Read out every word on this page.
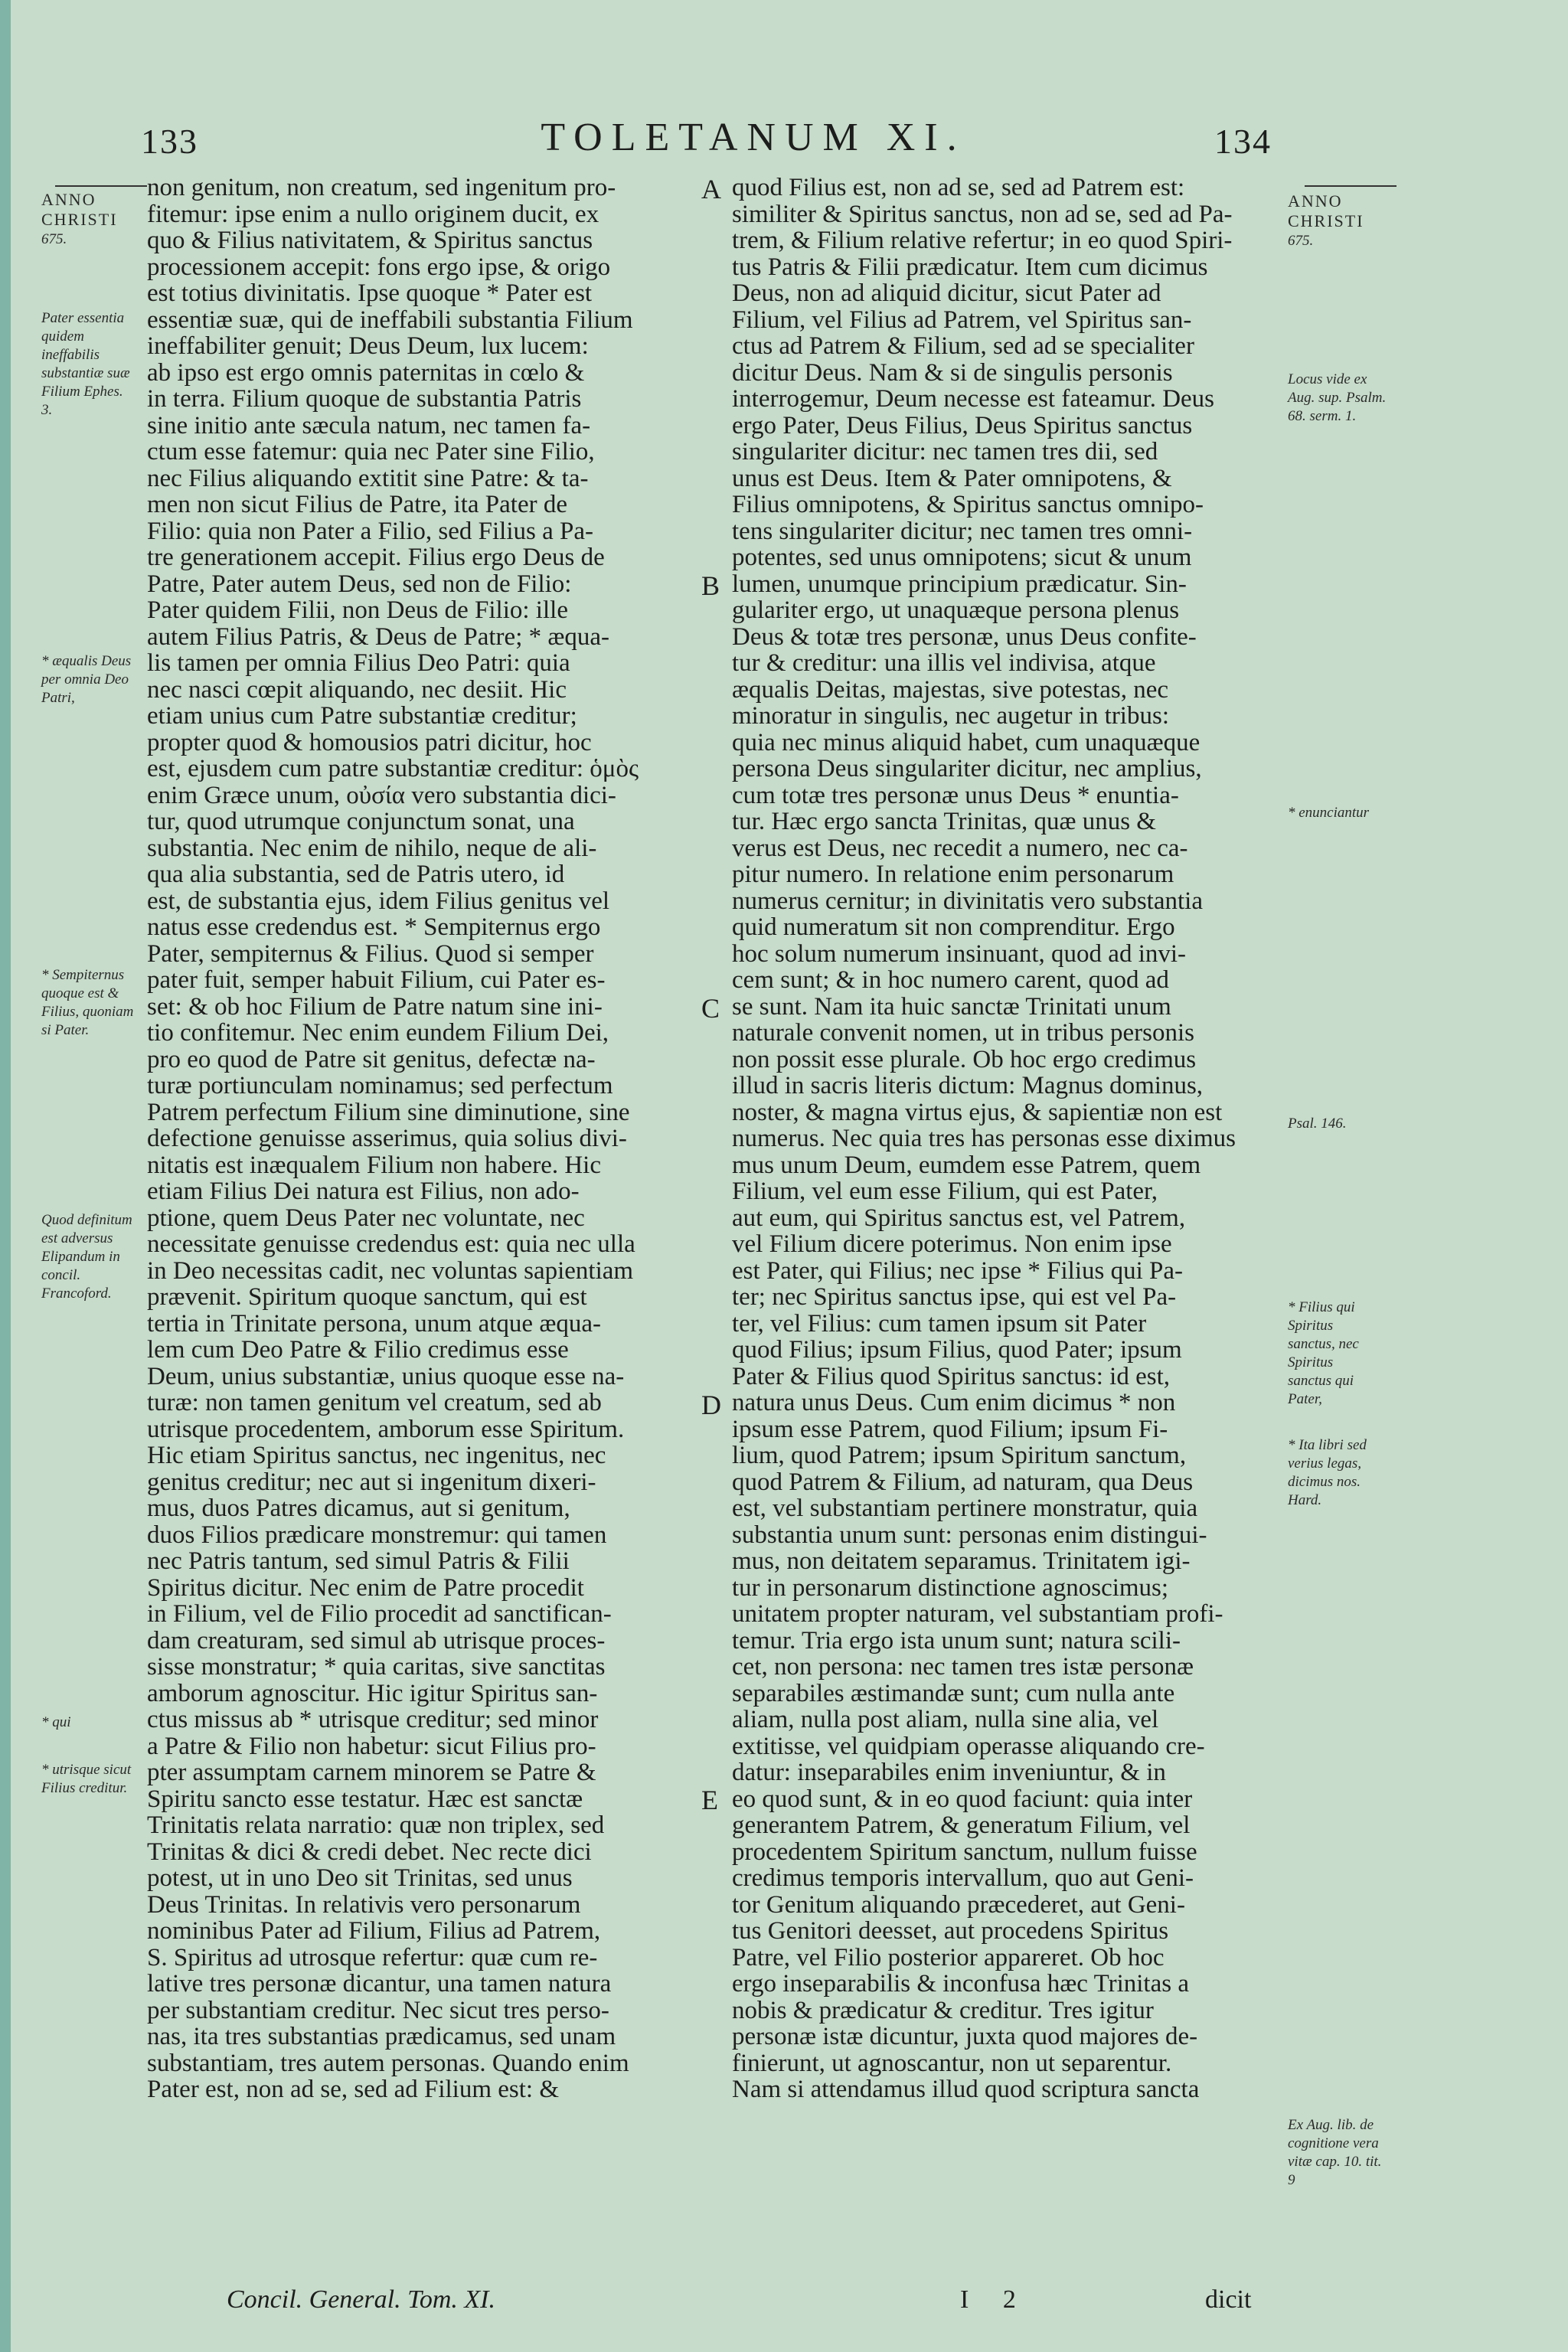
133	TOLETANUM XI.	134
ANNO
CHRISTI
675.
Pater essentia quidem ineffabilis substantiæ suæ Filium Ephes. 3.
* æqualis Deus per omnia Deo Patri,
* Sempiternus quoque est & Filius, quoniam si Pater.
Quod definitum est adversus Elipandum in concil. Francoford.
* qui
* utrisque sicut Filius creditur.
non genitum, non creatum, sed ingenitum pro-
fitemur: ipse enim a nullo originem ducit, ex
quo & Filius nativitatem, & Spiritus sanctus
processionem accepit: fons ergo ipse, & origo
est totius divinitatis. Ipse quoque * Pater est
essentiæ suæ, qui de ineffabili substantia Filium
ineffabiliter genuit; Deus Deum, lux lucem:
ab ipso est ergo omnis paternitas in cœlo &
in terra. Filium quoque de substantia Patris
sine initio ante sæcula natum, nec tamen fa-
ctum esse fatemur: quia nec Pater sine Filio,
nec Filius aliquando extitit sine Patre: & ta-
men non sicut Filius de Patre, ita Pater de
Filio: quia non Pater a Filio, sed Filius a Pa-
tre generationem accepit. Filius ergo Deus de
Patre, Pater autem Deus, sed non de Filio:
Pater quidem Filii, non Deus de Filio: ille
autem Filius Patris, & Deus de Patre; * æqua-
lis tamen per omnia Filius Deo Patri: quia
nec nasci cœpit aliquando, nec desiit. Hic
etiam unius cum Patre substantiæ creditur;
propter quod & homousios patri dicitur, hoc
est, ejusdem cum patre substantiæ creditur: ὁμὸς
enim Græce unum, οὐσία vero substantia dici-
tur, quod utrumque conjunctum sonat, una
substantia. Nec enim de nihilo, neque de ali-
qua alia substantia, sed de Patris utero, id
est, de substantia ejus, idem Filius genitus vel
natus esse credendus est. * Sempiternus ergo
Pater, sempiternus & Filius. Quod si semper
pater fuit, semper habuit Filium, cui Pater es-
set: & ob hoc Filium de Patre natum sine ini-
tio confitemur. Nec enim eundem Filium Dei,
pro eo quod de Patre sit genitus, defectæ na-
turæ portiunculam nominamus; sed perfectum
Patrem perfectum Filium sine diminutione, sine
defectione genuisse asserimus, quia solius divi-
nitatis est inæqualem Filium non habere. Hic
etiam Filius Dei natura est Filius, non ado-
ptione, quem Deus Pater nec voluntate, nec
necessitate genuisse credendus est: quia nec ulla
in Deo necessitas cadit, nec voluntas sapientiam
prævenit. Spiritum quoque sanctum, qui est
tertia in Trinitate persona, unum atque æqua-
lem cum Deo Patre & Filio credimus esse
Deum, unius substantiæ, unius quoque esse na-
turæ: non tamen genitum vel creatum, sed ab
utrisque procedentem, amborum esse Spiritum.
Hic etiam Spiritus sanctus, nec ingenitus, nec
genitus creditur; nec aut si ingenitum dixeri-
mus, duos Patres dicamus, aut si genitum,
duos Filios prædicare monstremur: qui tamen
nec Patris tantum, sed simul Patris & Filii
Spiritus dicitur. Nec enim de Patre procedit
in Filium, vel de Filio procedit ad sanctifican-
dam creaturam, sed simul ab utrisque proces-
sisse monstratur; * quia caritas, sive sanctitas
amborum agnoscitur. Hic igitur Spiritus san-
ctus missus ab * utrisque creditur; sed minor
a Patre & Filio non habetur: sicut Filius pro-
pter assumptam carnem minorem se Patre &
Spiritu sancto esse testatur. Hæc est sanctæ
Trinitatis relata narratio: quæ non triplex, sed
Trinitas & dici & credi debet. Nec recte dici
potest, ut in uno Deo sit Trinitas, sed unus
Deus Trinitas. In relativis vero personarum
nominibus Pater ad Filium, Filius ad Patrem,
S. Spiritus ad utrosque refertur: quæ cum re-
lative tres personæ dicantur, una tamen natura
per substantiam creditur. Nec sicut tres perso-
nas, ita tres substantias prædicamus, sed unam
substantiam, tres autem personas. Quando enim
Pater est, non ad se, sed ad Filium est: &
A
B
C
D
E
quod Filius est, non ad se, sed ad Patrem est:
similiter & Spiritus sanctus, non ad se, sed ad Pa-
trem, & Filium relative refertur; in eo quod Spiri-
tus Patris & Filii prædicatur. Item cum dicimus
Deus, non ad aliquid dicitur, sicut Pater ad
Filium, vel Filius ad Patrem, vel Spiritus san-
ctus ad Patrem & Filium, sed ad se specialiter
dicitur Deus. Nam & si de singulis personis
interrogemur, Deum necesse est fateamur. Deus
ergo Pater, Deus Filius, Deus Spiritus sanctus
singulariter dicitur: nec tamen tres dii, sed
unus est Deus. Item & Pater omnipotens, &
Filius omnipotens, & Spiritus sanctus omnipo-
tens singulariter dicitur; nec tamen tres omni-
potentes, sed unus omnipotens; sicut & unum
lumen, unumque principium prædicatur. Sin-
gulariter ergo, ut unaquæque persona plenus
Deus & totæ tres personæ, unus Deus confite-
tur & creditur: una illis vel indivisa, atque
æqualis Deitas, majestas, sive potestas, nec
minoratur in singulis, nec augetur in tribus:
quia nec minus aliquid habet, cum unaquæque
persona Deus singulariter dicitur, nec amplius,
cum totæ tres personæ unus Deus * enuntia-
tur. Hæc ergo sancta Trinitas, quæ unus &
verus est Deus, nec recedit a numero, nec ca-
pitur numero. In relatione enim personarum
numerus cernitur; in divinitatis vero substantia
quid numeratum sit non comprenditur. Ergo
hoc solum numerum insinuant, quod ad invi-
cem sunt; & in hoc numero carent, quod ad
se sunt. Nam ita huic sanctæ Trinitati unum
naturale convenit nomen, ut in tribus personis
non possit esse plurale. Ob hoc ergo credimus
illud in sacris literis dictum: Magnus dominus,
noster, & magna virtus ejus, & sapientiæ non est
numerus. Nec quia tres has personas esse diximus
mus unum Deum, eumdem esse Patrem, quem
Filium, vel eum esse Filium, qui est Pater,
aut eum, qui Spiritus sanctus est, vel Patrem,
vel Filium dicere poterimus. Non enim ipse
est Pater, qui Filius; nec ipse * Filius qui Pa-
ter; nec Spiritus sanctus ipse, qui est vel Pa-
ter, vel Filius: cum tamen ipsum sit Pater
quod Filius; ipsum Filius, quod Pater; ipsum
Pater & Filius quod Spiritus sanctus: id est,
natura unus Deus. Cum enim dicimus * non
ipsum esse Patrem, quod Filium; ipsum Fi-
lium, quod Patrem; ipsum Spiritum sanctum,
quod Patrem & Filium, ad naturam, qua Deus
est, vel substantiam pertinere monstratur, quia
substantia unum sunt: personas enim distingui-
mus, non deitatem separamus. Trinitatem igi-
tur in personarum distinctione agnoscimus;
unitatem propter naturam, vel substantiam profi-
temur. Tria ergo ista unum sunt; natura scili-
cet, non persona: nec tamen tres istæ personæ
separabiles æstimandæ sunt; cum nulla ante
aliam, nulla post aliam, nulla sine alia, vel
extitisse, vel quidpiam operasse aliquando cre-
datur: inseparabiles enim inveniuntur, & in
eo quod sunt, & in eo quod faciunt: quia inter
generantem Patrem, & generatum Filium, vel
procedentem Spiritum sanctum, nullum fuisse
credimus temporis intervallum, quo aut Geni-
tor Genitum aliquando præcederet, aut Geni-
tus Genitori deesset, aut procedens Spiritus
Patre, vel Filio posterior appareret. Ob hoc
ergo inseparabilis & inconfusa hæc Trinitas a
nobis & prædicatur & creditur. Tres igitur
personæ istæ dicuntur, juxta quod majores de-
finierunt, ut agnoscantur, non ut separentur.
Nam si attendamus illud quod scriptura sancta
ANNO
CHRISTI
675.
Locus vide ex Aug. sup. Psalm. 68. serm. 1.
* enunciantur
Psal. 146.
* Filius qui Spiritus sanctus, nec Spiritus sanctus qui Pater,
* Ita libri sed verius legas, dicimus nos. Hard.
Ex Aug. lib. de cognitione vera vitæ cap. 10. tit. 9
Concil. General. Tom. XI.	I 2	dicit
